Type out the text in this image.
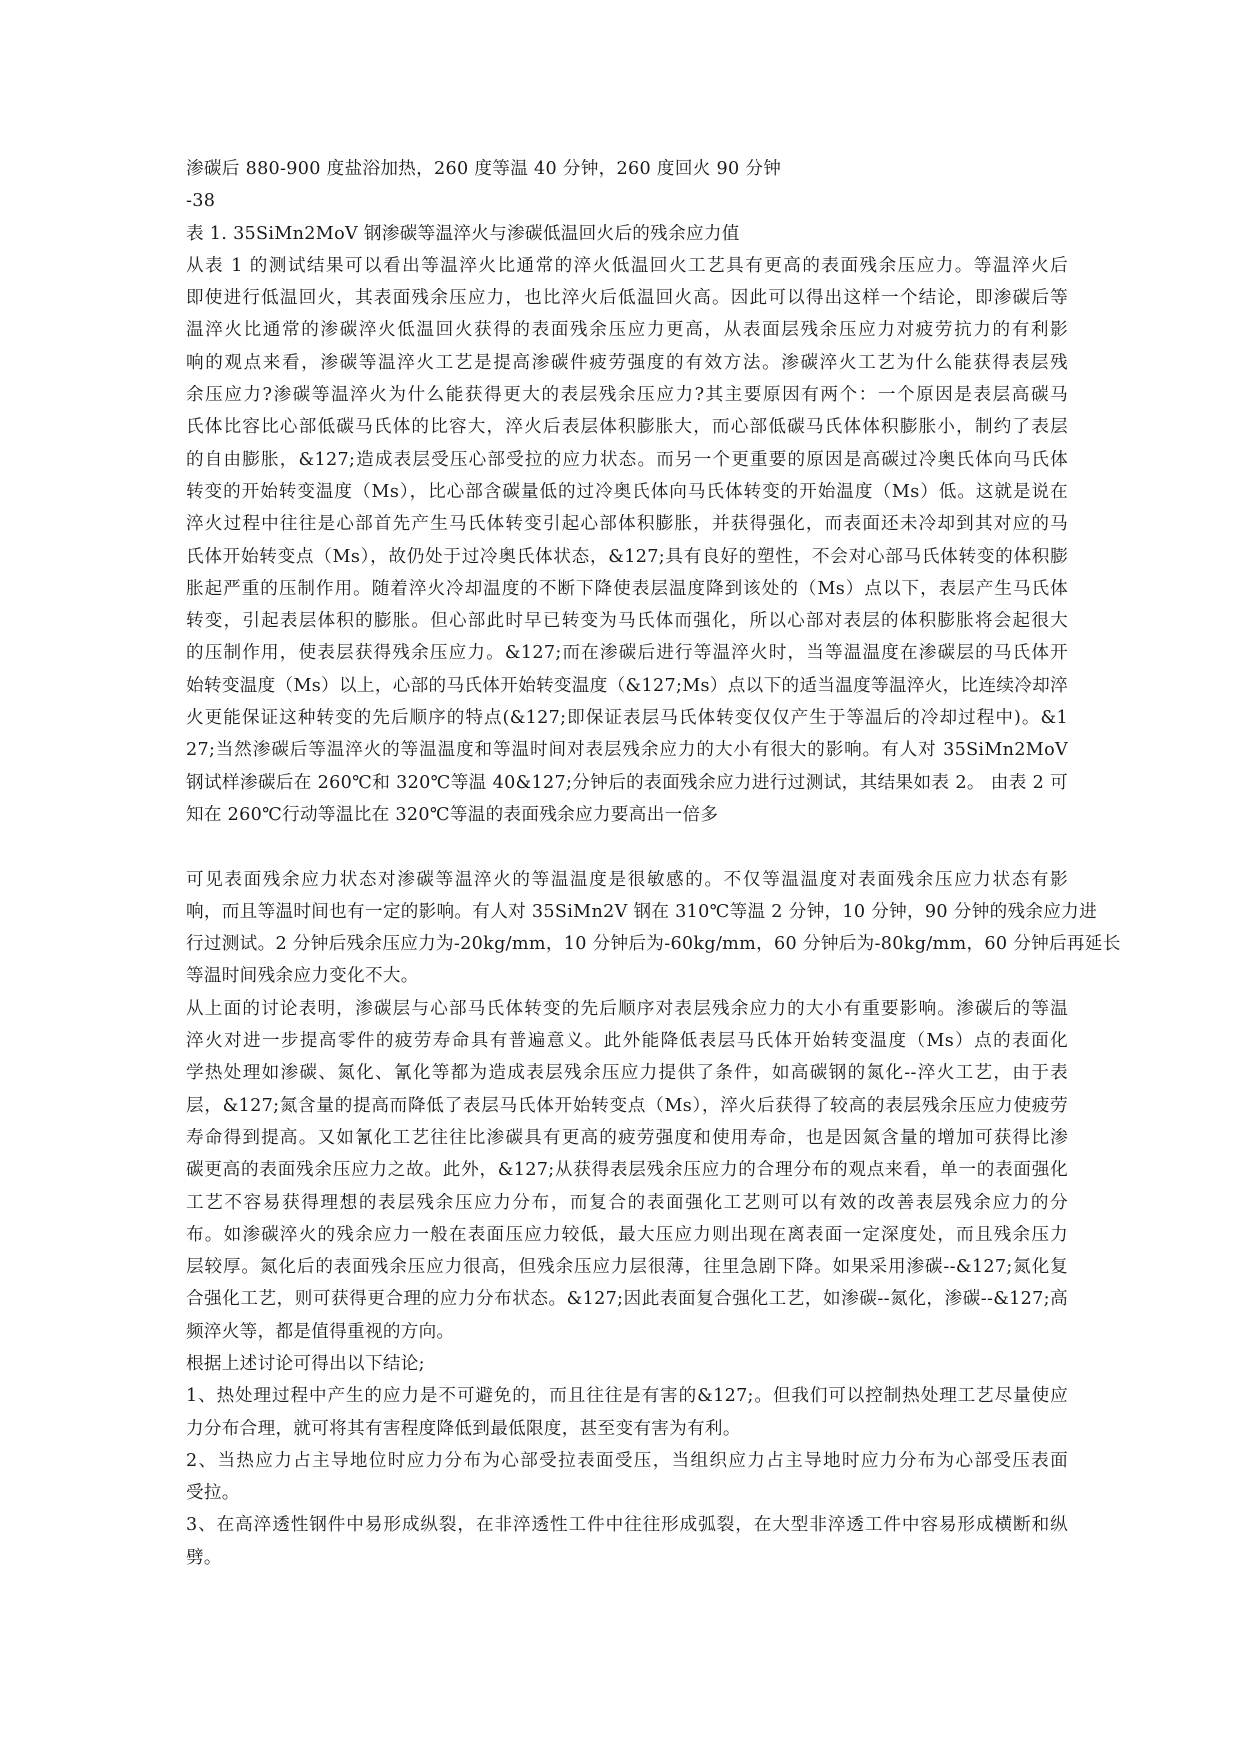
渗碳后 880-900 度盐浴加热，260 度等温 40 分钟，260 度回火 90 分钟
-38
表 1. 35SiMn2MoV 钢渗碳等温淬火与渗碳低温回火后的残余应力值
从表 1 的测试结果可以看出等温淬火比通常的淬火低温回火工艺具有更高的表面残余压应力。等温淬火后
即使进行低温回火，其表面残余压应力，也比淬火后低温回火高。因此可以得出这样一个结论，即渗碳后等
温淬火比通常的渗碳淬火低温回火获得的表面残余压应力更高，从表面层残余压应力对疲劳抗力的有利影
响的观点来看，渗碳等温淬火工艺是提高渗碳件疲劳强度的有效方法。渗碳淬火工艺为什么能获得表层残
余压应力?渗碳等温淬火为什么能获得更大的表层残余压应力?其主要原因有两个：一个原因是表层高碳马
氏体比容比心部低碳马氏体的比容大，淬火后表层体积膨胀大，而心部低碳马氏体体积膨胀小，制约了表层
的自由膨胀，&127;造成表层受压心部受拉的应力状态。而另一个更重要的原因是高碳过冷奥氏体向马氏体
转变的开始转变温度（Ms），比心部含碳量低的过冷奥氏体向马氏体转变的开始温度（Ms）低。这就是说在
淬火过程中往往是心部首先产生马氏体转变引起心部体积膨胀，并获得强化，而表面还未冷却到其对应的马
氏体开始转变点（Ms），故仍处于过冷奥氏体状态，&127;具有良好的塑性，不会对心部马氏体转变的体积膨
胀起严重的压制作用。随着淬火冷却温度的不断下降使表层温度降到该处的（Ms）点以下，表层产生马氏体
转变，引起表层体积的膨胀。但心部此时早已转变为马氏体而强化，所以心部对表层的体积膨胀将会起很大
的压制作用，使表层获得残余压应力。&127;而在渗碳后进行等温淬火时，当等温温度在渗碳层的马氏体开
始转变温度（Ms）以上，心部的马氏体开始转变温度（&127;Ms）点以下的适当温度等温淬火，比连续冷却淬
火更能保证这种转变的先后顺序的特点(&127;即保证表层马氏体转变仅仅产生于等温后的冷却过程中)。&1
27;当然渗碳后等温淬火的等温温度和等温时间对表层残余应力的大小有很大的影响。有人对 35SiMn2MoV
钢试样渗碳后在 260℃和 320℃等温 40&127;分钟后的表面残余应力进行过测试，其结果如表 2。 由表 2 可
知在 260℃行动等温比在 320℃等温的表面残余应力要高出一倍多
可见表面残余应力状态对渗碳等温淬火的等温温度是很敏感的。不仅等温温度对表面残余压应力状态有影
响，而且等温时间也有一定的影响。有人对 35SiMn2V 钢在 310℃等温 2 分钟，10 分钟，90 分钟的残余应力进
行过测试。2 分钟后残余压应力为-20kg/mm，10 分钟后为-60kg/mm，60 分钟后为-80kg/mm，60 分钟后再延长
等温时间残余应力变化不大。
从上面的讨论表明，渗碳层与心部马氏体转变的先后顺序对表层残余应力的大小有重要影响。渗碳后的等温
淬火对进一步提高零件的疲劳寿命具有普遍意义。此外能降低表层马氏体开始转变温度（Ms）点的表面化
学热处理如渗碳、氮化、氰化等都为造成表层残余压应力提供了条件，如高碳钢的氮化--淬火工艺，由于表
层，&127;氮含量的提高而降低了表层马氏体开始转变点（Ms），淬火后获得了较高的表层残余压应力使疲劳
寿命得到提高。又如氰化工艺往往比渗碳具有更高的疲劳强度和使用寿命，也是因氮含量的增加可获得比渗
碳更高的表面残余压应力之故。此外，&127;从获得表层残余压应力的合理分布的观点来看，单一的表面强化
工艺不容易获得理想的表层残余压应力分布，而复合的表面强化工艺则可以有效的改善表层残余应力的分
布。如渗碳淬火的残余应力一般在表面压应力较低，最大压应力则出现在离表面一定深度处，而且残余压力
层较厚。氮化后的表面残余压应力很高，但残余压应力层很薄，往里急剧下降。如果采用渗碳--&127;氮化复
合强化工艺，则可获得更合理的应力分布状态。&127;因此表面复合强化工艺，如渗碳--氮化，渗碳--&127;高
频淬火等，都是值得重视的方向。
根据上述讨论可得出以下结论;
1、热处理过程中产生的应力是不可避免的，而且往往是有害的&127;。但我们可以控制热处理工艺尽量使应
力分布合理，就可将其有害程度降低到最低限度，甚至变有害为有利。
2、当热应力占主导地位时应力分布为心部受拉表面受压，当组织应力占主导地时应力分布为心部受压表面
受拉。
3、在高淬透性钢件中易形成纵裂，在非淬透性工件中往往形成弧裂，在大型非淬透工件中容易形成横断和纵
劈。
